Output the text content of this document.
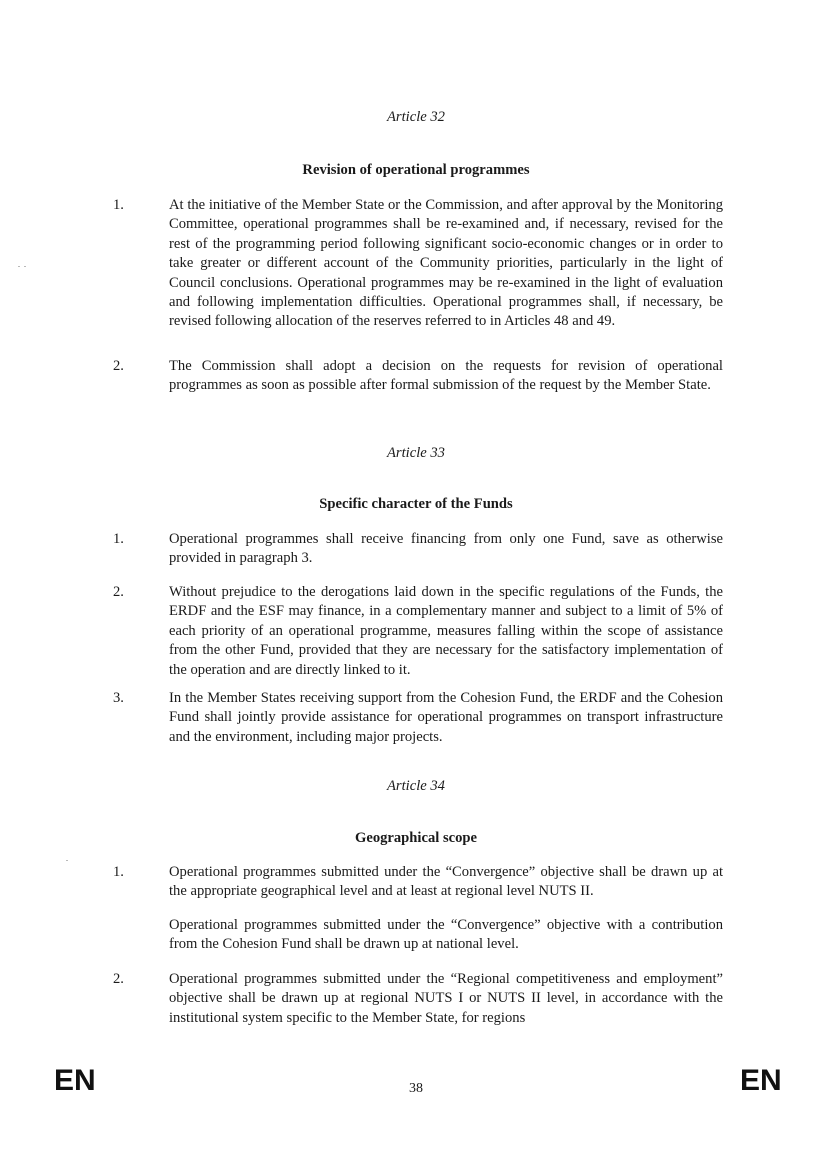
Article 32
Revision of operational programmes
1.	At the initiative of the Member State or the Commission, and after approval by the Monitoring Committee, operational programmes shall be re-examined and, if necessary, revised for the rest of the programming period following significant socio-economic changes or in order to take greater or different account of the Community priorities, particularly in the light of Council conclusions. Operational programmes may be re-examined in the light of evaluation and following implementation difficulties. Operational programmes shall, if necessary, be revised following allocation of the reserves referred to in Articles 48 and 49.
2.	The Commission shall adopt a decision on the requests for revision of operational programmes as soon as possible after formal submission of the request by the Member State.
Article 33
Specific character of the Funds
1.	Operational programmes shall receive financing from only one Fund, save as otherwise provided in paragraph 3.
2.	Without prejudice to the derogations laid down in the specific regulations of the Funds, the ERDF and the ESF may finance, in a complementary manner and subject to a limit of 5% of each priority of an operational programme, measures falling within the scope of assistance from the other Fund, provided that they are necessary for the satisfactory implementation of the operation and are directly linked to it.
3.	In the Member States receiving support from the Cohesion Fund, the ERDF and the Cohesion Fund shall jointly provide assistance for operational programmes on transport infrastructure and the environment, including major projects.
Article 34
Geographical scope
1.	Operational programmes submitted under the “Convergence” objective shall be drawn up at the appropriate geographical level and at least at regional level NUTS II.
Operational programmes submitted under the “Convergence” objective with a contribution from the Cohesion Fund shall be drawn up at national level.
2.	Operational programmes submitted under the “Regional competitiveness and employment” objective shall be drawn up at regional NUTS I or NUTS II level, in accordance with the institutional system specific to the Member State, for regions
EN	38	EN
